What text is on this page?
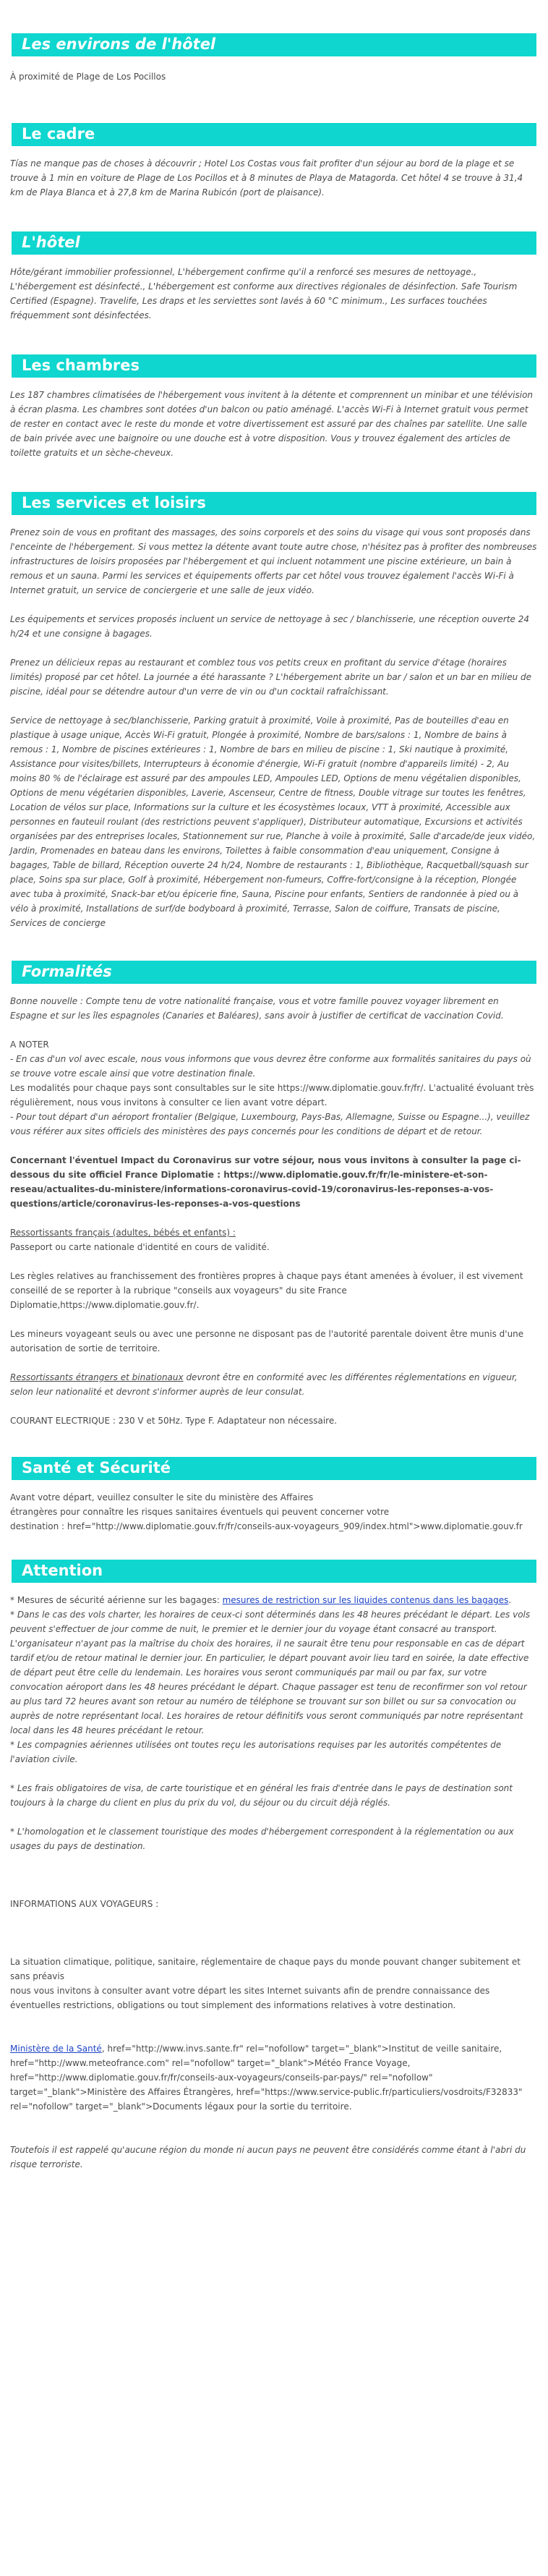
Les environs de l'hôtel

À proximité de Plage de Los Pocillos

Le cadre

Tías ne manque pas de choses à découvrir ; Hotel Los Costas vous fait profiter d'un séjour au bord de la plage et se trouve à 1 min en voiture de Plage de Los Pocillos et à 8 minutes de Playa de Matagorda. Cet hôtel 4 se trouve à 31,4 km de Playa Blanca et à 27,8 km de Marina Rubicón (port de plaisance).

L'hôtel

Hôte/gérant immobilier professionnel, L'hébergement confirme qu'il a renforcé ses mesures de nettoyage., L'hébergement est désinfecté., L'hébergement est conforme aux directives régionales de désinfection. Safe Tourism Certified (Espagne). Travelife, Les draps et les serviettes sont lavés à 60 °C minimum., Les surfaces touchées fréquemment sont désinfectées.

Les chambres

Les 187 chambres climatisées de l'hébergement vous invitent à la détente et comprennent un minibar et une télévision à écran plasma. Les chambres sont dotées d'un balcon ou patio aménagé. L'accès Wi-Fi à Internet gratuit vous permet de rester en contact avec le reste du monde et votre divertissement est assuré par des chaînes par satellite. Une salle de bain privée avec une baignoire ou une douche est à votre disposition. Vous y trouvez également des articles de toilette gratuits et un sèche-cheveux.

Les services et loisirs

Prenez soin de vous en profitant des massages, des soins corporels et des soins du visage qui vous sont proposés dans l'enceinte de l'hébergement. Si vous mettez la détente avant toute autre chose, n'hésitez pas à profiter des nombreuses infrastructures de loisirs proposées par l'hébergement et qui incluent notamment une piscine extérieure, un bain à remous et un sauna. Parmi les services et équipements offerts par cet hôtel vous trouvez également l'accès Wi-Fi à Internet gratuit, un service de conciergerie et une salle de jeux vidéo.

Les équipements et services proposés incluent un service de nettoyage à sec / blanchisserie, une réception ouverte 24 h/24 et une consigne à bagages.

Prenez un délicieux repas au restaurant et comblez tous vos petits creux en profitant du service d'étage (horaires limités) proposé par cet hôtel. La journée a été harassante ? L'hébergement abrite un bar / salon et un bar en milieu de piscine, idéal pour se détendre autour d'un verre de vin ou d'un cocktail rafraîchissant.

Service de nettoyage à sec/blanchisserie, Parking gratuit à proximité, Voile à proximité, Pas de bouteilles d'eau en plastique à usage unique, Accès Wi-Fi gratuit, Plongée à proximité, Nombre de bars/salons : 1, Nombre de bains à remous : 1, Nombre de piscines extérieures : 1, Nombre de bars en milieu de piscine : 1, Ski nautique à proximité, Assistance pour visites/billets, Interrupteurs à économie d'énergie, Wi-Fi gratuit (nombre d'appareils limité) - 2, Au moins 80 % de l'éclairage est assuré par des ampoules LED, Ampoules LED, Options de menu végétalien disponibles, Options de menu végétarien disponibles, Laverie, Ascenseur, Centre de fitness, Double vitrage sur toutes les fenêtres, Location de vélos sur place, Informations sur la culture et les écosystèmes locaux, VTT à proximité, Accessible aux personnes en fauteuil roulant (des restrictions peuvent s'appliquer), Distributeur automatique, Excursions et activités organisées par des entreprises locales, Stationnement sur rue, Planche à voile à proximité, Salle d'arcade/de jeux vidéo, Jardin, Promenades en bateau dans les environs, Toilettes à faible consommation d'eau uniquement, Consigne à bagages, Table de billard, Réception ouverte 24 h/24, Nombre de restaurants : 1, Bibliothèque, Racquetball/squash sur place, Soins spa sur place, Golf à proximité, Hébergement non-fumeurs, Coffre-fort/consigne à la réception, Plongée avec tuba à proximité, Snack-bar et/ou épicerie fine, Sauna, Piscine pour enfants, Sentiers de randonnée à pied ou à vélo à proximité, Installations de surf/de bodyboard à proximité, Terrasse, Salon de coiffure, Transats de piscine, Services de concierge

Formalités

Bonne nouvelle : Compte tenu de votre nationalité française, vous et votre famille pouvez voyager librement en Espagne et sur les îles espagnoles (Canaries et Baléares), sans avoir à justifier de certificat de vaccination Covid.

A NOTER

- En cas d'un vol avec escale, nous vous informons que vous devrez être conforme aux formalités sanitaires du pays où se trouve votre escale ainsi que votre destination finale.

Les modalités pour chaque pays sont consultables sur le site https://www.diplomatie.gouv.fr/fr/. L'actualité évoluant très régulièrement, nous vous invitons à consulter ce lien avant votre départ.

- Pour tout départ d'un aéroport frontalier (Belgique, Luxembourg, Pays-Bas, Allemagne, Suisse ou Espagne...), veuillez vous référer aux sites officiels des ministères des pays concernés pour les conditions de départ et de retour.

Concernant l'éventuel Impact du Coronavirus sur votre séjour, nous vous invitons à consulter la page ci-dessous du site officiel France Diplomatie : https://www.diplomatie.gouv.fr/fr/le-ministere-et-son-reseau/actualites-du-ministere/informations-coronavirus-covid-19/coronavirus-les-reponses-a-vos-questions/article/coronavirus-les-reponses-a-vos-questions

Ressortissants français (adultes, bébés et enfants) :

Passeport ou carte nationale d'identité en cours de validité.

Les règles relatives au franchissement des frontières propres à chaque pays étant amenées à évoluer, il est vivement conseillé de se reporter à la rubrique "conseils aux voyageurs" du site France Diplomatie,https://www.diplomatie.gouv.fr/.

Les mineurs voyageant seuls ou avec une personne ne disposant pas de l'autorité parentale doivent être munis d'une autorisation de sortie de territoire.

Ressortissants étrangers et binationaux devront être en conformité avec les différentes réglementations en vigueur, selon leur nationalité et devront s'informer auprès de leur consulat.

COURANT ELECTRIQUE : 230 V et 50Hz. Type F. Adaptateur non nécessaire.

Santé et Sécurité

Avant votre départ, veuillez consulter le site du ministère des Affaires

étrangères pour connaître les risques sanitaires éventuels qui peuvent concerner votre

destination : href="http://www.diplomatie.gouv.fr/fr/conseils-aux-voyageurs_909/index.html">www.diplomatie.gouv.fr

Attention

* Mesures de sécurité aérienne sur les bagages: mesures de restriction sur les liquides contenus dans les bagages.

* Dans le cas des vols charter, les horaires de ceux-ci sont déterminés dans les 48 heures précédant le départ. Les vols peuvent s'effectuer de jour comme de nuit, le premier et le dernier jour du voyage étant consacré au transport. L'organisateur n'ayant pas la maîtrise du choix des horaires, il ne saurait être tenu pour responsable en cas de départ tardif et/ou de retour matinal le dernier jour. En particulier, le départ pouvant avoir lieu tard en soirée, la date effective de départ peut être celle du lendemain. Les horaires vous seront communiqués par mail ou par fax, sur votre convocation aéroport dans les 48 heures précédant le départ. Chaque passager est tenu de reconfirmer son vol retour au plus tard 72 heures avant son retour au numéro de téléphone se trouvant sur son billet ou sur sa convocation ou auprès de notre représentant local. Les horaires de retour définitifs vous seront communiqués par notre représentant local dans les 48 heures précédant le retour.

* Les compagnies aériennes utilisées ont toutes reçu les autorisations requises par les autorités compétentes de l'aviation civile.

* Les frais obligatoires de visa, de carte touristique et en général les frais d'entrée dans le pays de destination sont toujours à la charge du client en plus du prix du vol, du séjour ou du circuit déjà réglés.

* L'homologation et le classement touristique des modes d'hébergement correspondent à la réglementation ou aux usages du pays de destination.

INFORMATIONS AUX VOYAGEURS :

La situation climatique, politique, sanitaire, réglementaire de chaque pays du monde pouvant changer subitement et sans préavis

nous vous invitons à consulter avant votre départ les sites Internet suivants afin de prendre connaissance des éventuelles restrictions, obligations ou tout simplement des informations relatives à votre destination.

Ministère de la Santé, href="http://www.invs.sante.fr" rel="nofollow" target="_blank">Institut de veille sanitaire, href="http://www.meteofrance.com" rel="nofollow" target="_blank">Météo France Voyage, href="http://www.diplomatie.gouv.fr/fr/conseils-aux-voyageurs/conseils-par-pays/" rel="nofollow" target="_blank">Ministère des Affaires Étrangères, href="https://www.service-public.fr/particuliers/vosdroits/F32833" rel="nofollow" target="_blank">Documents légaux pour la sortie du territoire.

Toutefois il est rappelé qu'aucune région du monde ni aucun pays ne peuvent être considérés comme étant à l'abri du risque terroriste.
